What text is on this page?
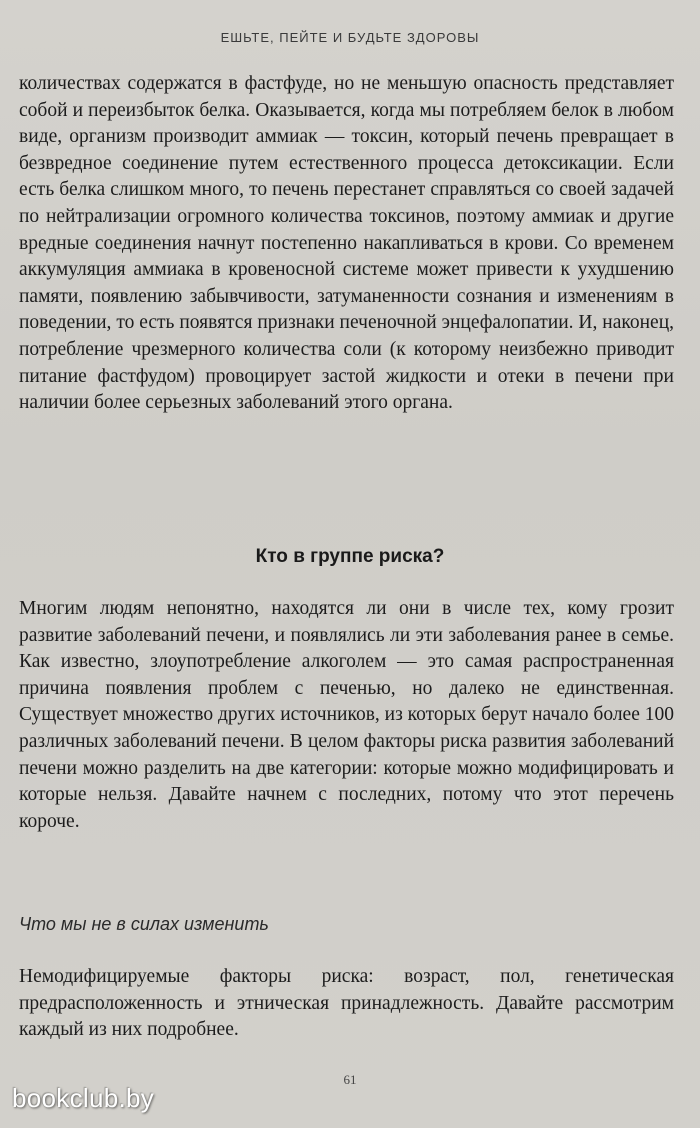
ЕШЬТЕ, ПЕЙТЕ И БУДЬТЕ ЗДОРОВЫ
количествах содержатся в фастфуде, но не меньшую опасность представляет собой и переизбыток белка. Оказывается, когда мы потребляем белок в любом виде, организм производит аммиак — токсин, который печень превращает в безвредное соединение путем естественного процесса детоксикации. Если есть белка слишком много, то печень перестанет справляться со своей задачей по нейтрализации огромного количества токсинов, поэтому аммиак и другие вредные соединения начнут постепенно накапливаться в крови. Со временем аккумуляция аммиака в кровеносной системе может привести к ухудшению памяти, появлению забывчивости, затуманенности сознания и изменениям в поведении, то есть появятся признаки печеночной энцефалопатии. И, наконец, потребление чрезмерного количества соли (к которому неизбежно приводит питание фастфудом) провоцирует застой жидкости и отеки в печени при наличии более серьезных заболеваний этого органа.
Кто в группе риска?
Многим людям непонятно, находятся ли они в числе тех, кому грозит развитие заболеваний печени, и появлялись ли эти заболевания ранее в семье. Как известно, злоупотребление алкоголем — это самая распространенная причина появления проблем с печенью, но далеко не единственная. Существует множество других источников, из которых берут начало более 100 различных заболеваний печени. В целом факторы риска развития заболеваний печени можно разделить на две категории: которые можно модифицировать и которые нельзя. Давайте начнем с последних, потому что этот перечень короче.
Что мы не в силах изменить
Немодифицируемые факторы риска: возраст, пол, генетическая предрасположенность и этническая принадлежность. Давайте рассмотрим каждый из них подробнее.
61
bookclub.by
